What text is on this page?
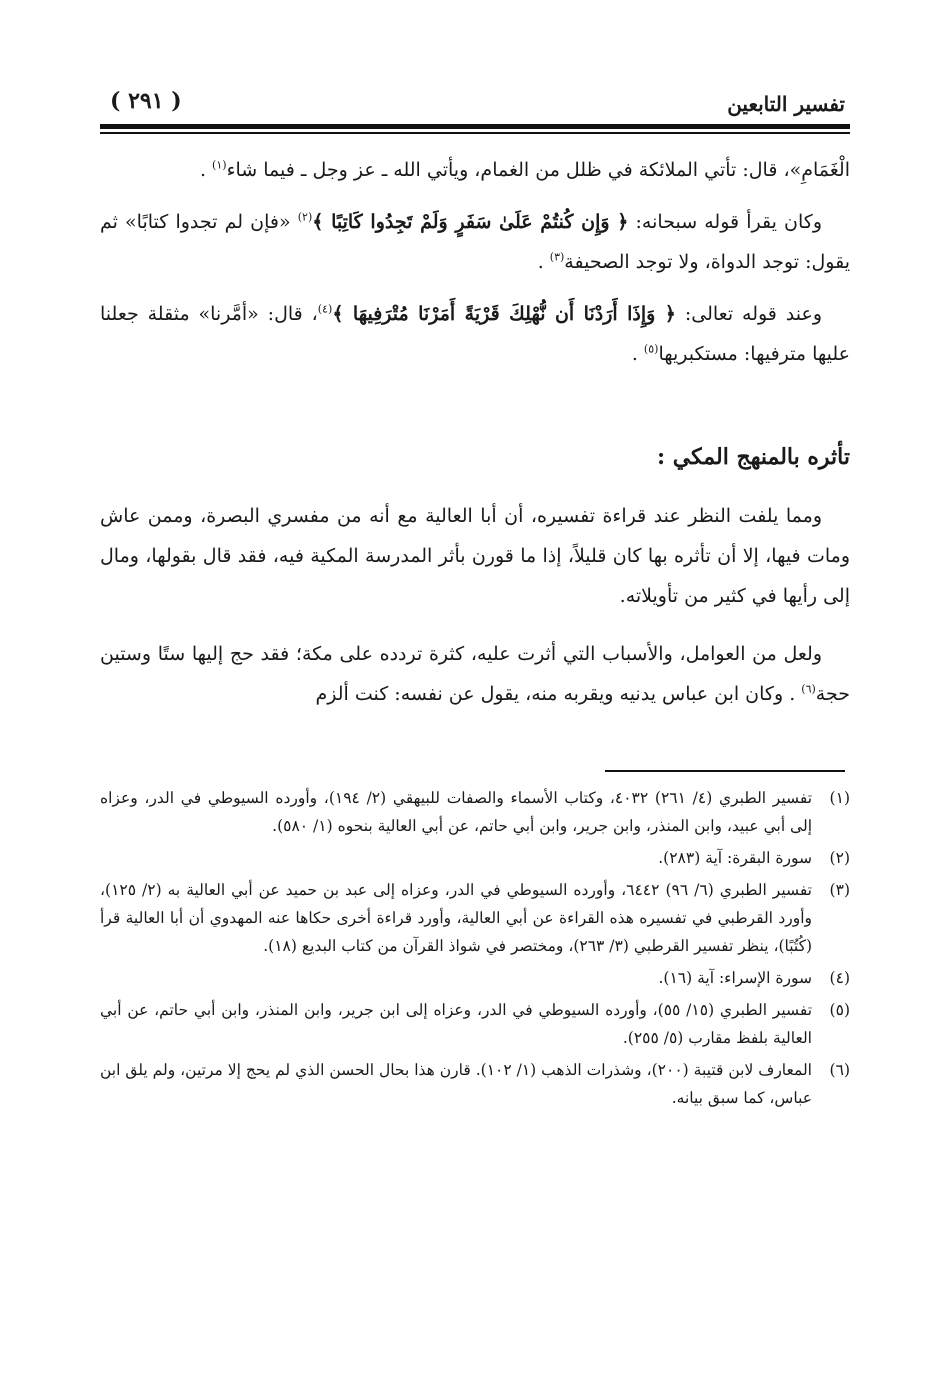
( ٢٩١ )	تفسير التابعين

الْغَمَامِ»، قال: تأتي الملائكة في ظلل من الغمام، ويأتي الله ـ عز وجل ـ فيما شاء$^{(١)}$ .

وكان يقرأ قوله سبحانه: ﴿ وَإِن كُنتُمْ عَلَىٰ سَفَرٍ وَلَمْ تَجِدُوا كَاتِبًا ﴾$^{(٢)}$ «فإن لم تجدوا كتابًا» ثم يقول: توجد الدواة، ولا توجد الصحيفة$^{(٣)}$ .

وعند قوله تعالى: ﴿ وَإِذَا أَرَدْنَا أَن نُّهْلِكَ قَرْيَةً أَمَرْنَا مُتْرَفِيهَا ﴾$^{(٤)}$، قال: «أمَّرنا» مثقلة جعلنا عليها مترفيها: مستكبريها$^{(٥)}$ .

تأثره بالمنهج المكي :

ومما يلفت النظر عند قراءة تفسيره، أن أبا العالية مع أنه من مفسري البصرة، وممن عاش ومات فيها، إلا أن تأثره بها كان قليلاً، إذا ما قورن بأثر المدرسة المكية فيه، فقد قال بقولها، ومال إلى رأيها في كثير من تأويلاته.

ولعل من العوامل، والأسباب التي أثرت عليه، كثرة تردده على مكة؛ فقد حج إليها ستًا وستين حجة$^{(٦)}$ . وكان ابن عباس يدنيه ويقربه منه، يقول عن نفسه: كنت ألزم

(١)
تفسير الطبري (٤/ ٢٦١) ٤٠٣٢، وكتاب الأسماء والصفات للبيهقي (٢/ ١٩٤)، وأورده السيوطي في الدر، وعزاه إلى أبي عبيد، وابن المنذر، وابن جرير، وابن أبي حاتم، عن أبي العالية بنحوه (١/ ٥٨٠).
(٢)
سورة البقرة: آية (٢٨٣).
(٣)
تفسير الطبري (٦/ ٩٦) ٦٤٤٢، وأورده السيوطي في الدر، وعزاه إلى عبد بن حميد عن أبي العالية به (٢/ ١٢٥)، وأورد القرطبي في تفسيره هذه القراءة عن أبي العالية، وأورد قراءة أخرى حكاها عنه المهدوي أن أبا العالية قرأ (كُتُبًا)، ينظر تفسير القرطبي (٣/ ٢٦٣)، ومختصر في شواذ القرآن من كتاب البديع (١٨).
(٤)
سورة الإسراء: آية (١٦).
(٥)
تفسير الطبري (١٥/ ٥٥)، وأورده السيوطي في الدر، وعزاه إلى ابن جرير، وابن المنذر، وابن أبي حاتم، عن أبي العالية بلفظ مقارب (٥/ ٢٥٥).
(٦)
المعارف لابن قتيبة (٢٠٠)، وشذرات الذهب (١/ ١٠٢). قارن هذا بحال الحسن الذي لم يحج إلا مرتين، ولم يلق ابن عباس، كما سبق بيانه.
